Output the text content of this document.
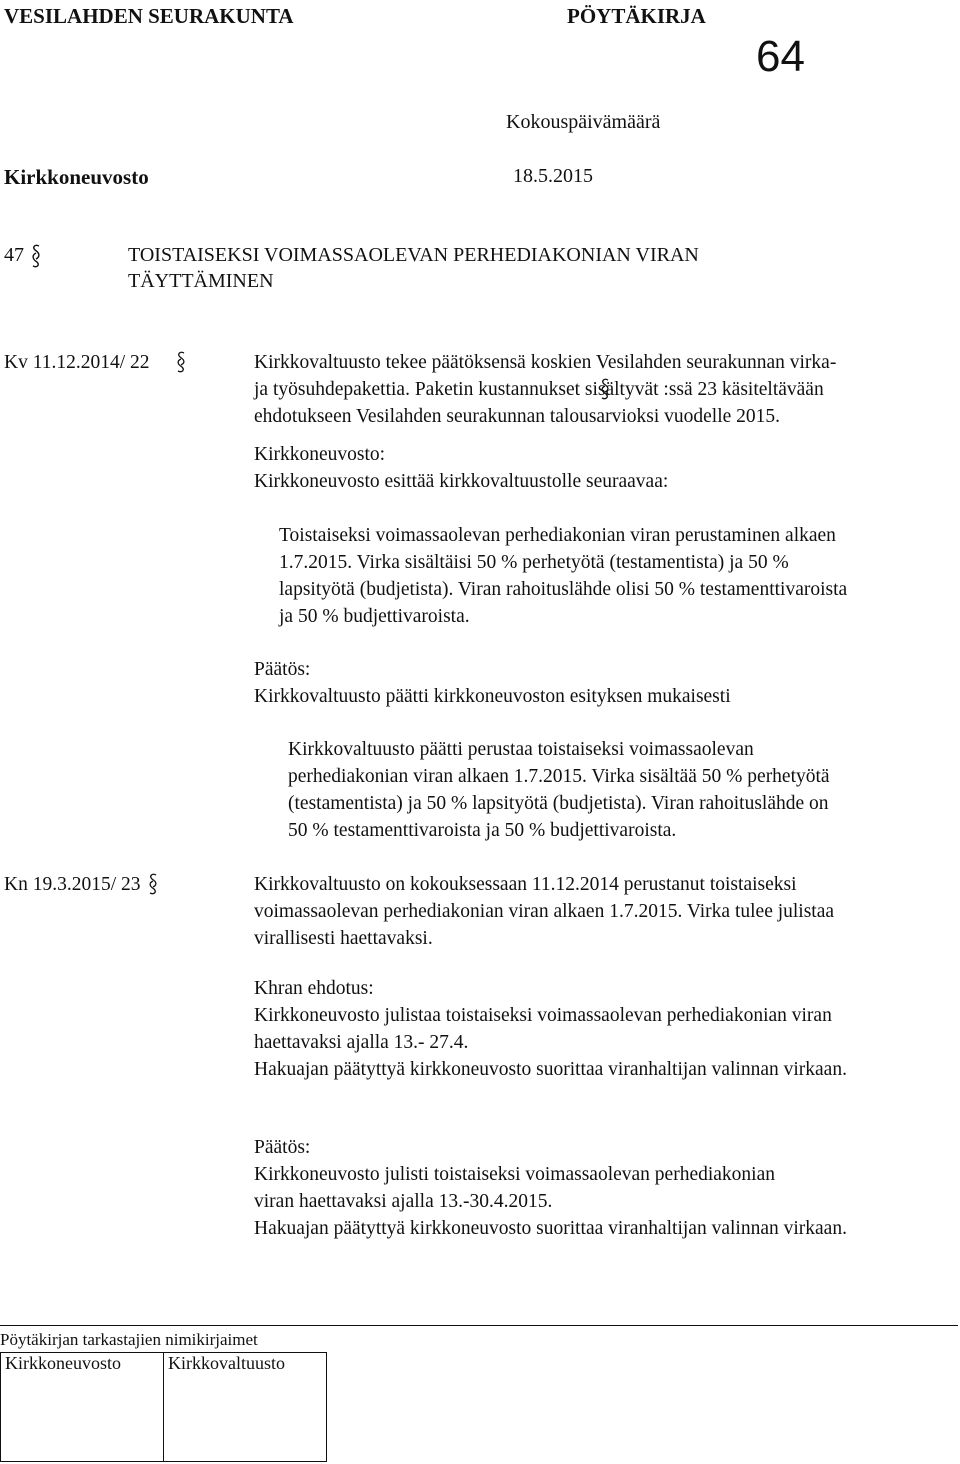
VESILAHDEN SEURAKUNTA	PÖYTÄKIRJA
64
Kokouspäivämäärä
Kirkkoneuvosto	18.5.2015
47	TOISTAISEKSI VOIMASSAOLEVAN PERHEDIAKONIAN VIRAN
TÄYTTÄMINEN
Kv 11.12.2014/ 22	Kirkkovaltuusto tekee päätöksensä koskien Vesilahden seurakunnan virka-
ja työsuhdepakettia. Paketin kustannukset sisältyvät :ssä 23 käsiteltävään
ehdotukseen Vesilahden seurakunnan talousarvioksi vuodelle 2015.
Kirkkoneuvosto:
Kirkkoneuvosto esittää kirkkovaltuustolle seuraavaa:
Toistaiseksi voimassaolevan perhediakonian viran perustaminen alkaen
1.7.2015. Virka sisältäisi 50 % perhetyötä (testamentista) ja 50 %
lapsityötä (budjetista). Viran rahoituslähde olisi 50 % testamenttivaroista
ja 50 % budjettivaroista.
Päätös:
Kirkkovaltuusto päätti kirkkoneuvoston esityksen mukaisesti
Kirkkovaltuusto päätti perustaa toistaiseksi voimassaolevan
perhediakonian viran alkaen 1.7.2015. Virka sisältää 50 % perhetyötä
(testamentista) ja 50 % lapsityötä (budjetista). Viran rahoituslähde on
50 % testamenttivaroista ja 50 % budjettivaroista.
Kn 19.3.2015/ 23	Kirkkovaltuusto on kokouksessaan 11.12.2014 perustanut toistaiseksi
voimassaolevan perhediakonian viran alkaen 1.7.2015. Virka tulee julistaa
virallisesti haettavaksi.
Khran ehdotus:
Kirkkoneuvosto julistaa toistaiseksi voimassaolevan perhediakonian viran
haettavaksi ajalla 13.- 27.4.
Hakuajan päätyttyä kirkkoneuvosto suorittaa viranhaltijan valinnan virkaan.
Päätös:
Kirkkoneuvosto julisti toistaiseksi voimassaolevan perhediakonian
viran haettavaksi ajalla 13.-30.4.2015.
Hakuajan päätyttyä kirkkoneuvosto suorittaa viranhaltijan valinnan virkaan.
Pöytäkirjan tarkastajien nimikirjaimet
Kirkkoneuvosto	Kirkkovaltuusto
